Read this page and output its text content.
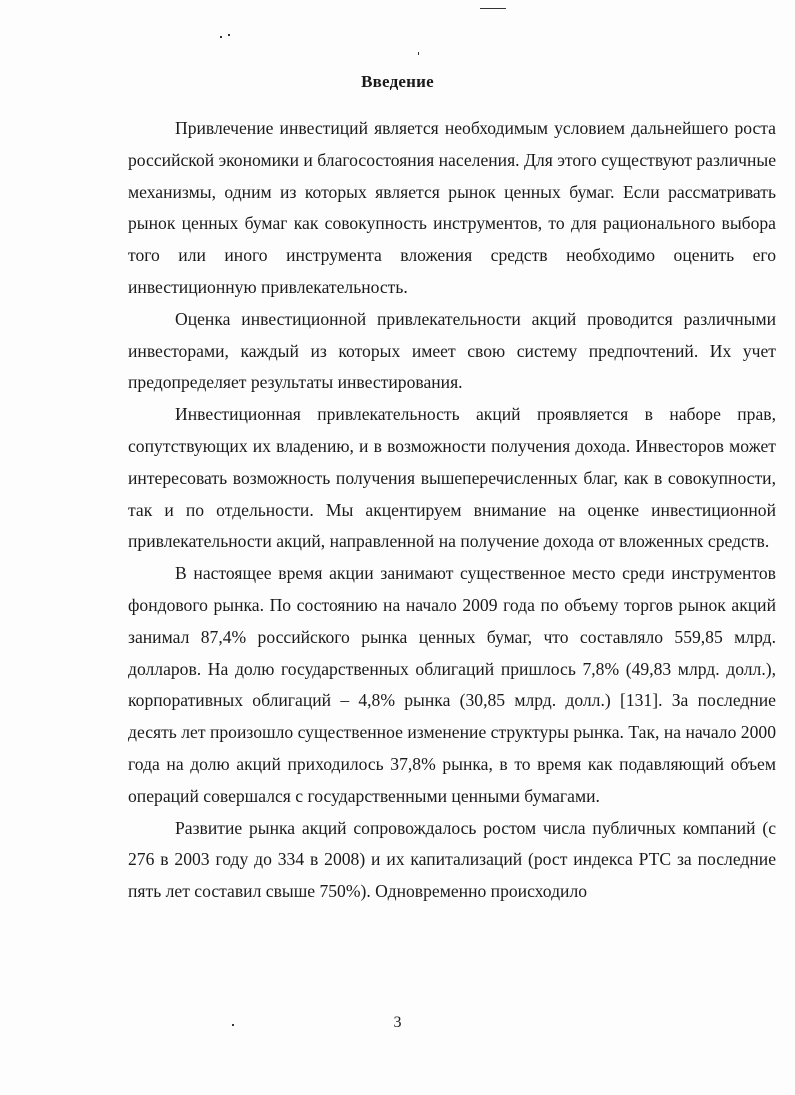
Введение

Привлечение инвестиций является необходимым условием дальнейшего роста российской экономики и благосостояния населения. Для этого существуют различные механизмы, одним из которых является рынок ценных бумаг. Если рассматривать рынок ценных бумаг как совокупность инструментов, то для рационального выбора того или иного инструмента вложения средств необходимо оценить его инвестиционную привлекательность.

Оценка инвестиционной привлекательности акций проводится различными инвесторами, каждый из которых имеет свою систему предпочтений. Их учет предопределяет результаты инвестирования.

Инвестиционная привлекательность акций проявляется в наборе прав, сопутствующих их владению, и в возможности получения дохода. Инвесторов может интересовать возможность получения вышеперечисленных благ, как в совокупности, так и по отдельности. Мы акцентируем внимание на оценке инвестиционной привлекательности акций, направленной на получение дохода от вложенных средств.

В настоящее время акции занимают существенное место среди инструментов фондового рынка. По состоянию на начало 2009 года по объему торгов рынок акций занимал 87,4% российского рынка ценных бумаг, что составляло 559,85 млрд. долларов. На долю государственных облигаций пришлось 7,8% (49,83 млрд. долл.), корпоративных облигаций – 4,8% рынка (30,85 млрд. долл.) [131]. За последние десять лет произошло существенное изменение структуры рынка. Так, на начало 2000 года на долю акций приходилось 37,8% рынка, в то время как подавляющий объем операций совершался с государственными ценными бумагами.

Развитие рынка акций сопровождалось ростом числа публичных компаний (с 276 в 2003 году до 334 в 2008) и их капитализаций (рост индекса РТС за последние пять лет составил свыше 750%). Одновременно происходило

3
